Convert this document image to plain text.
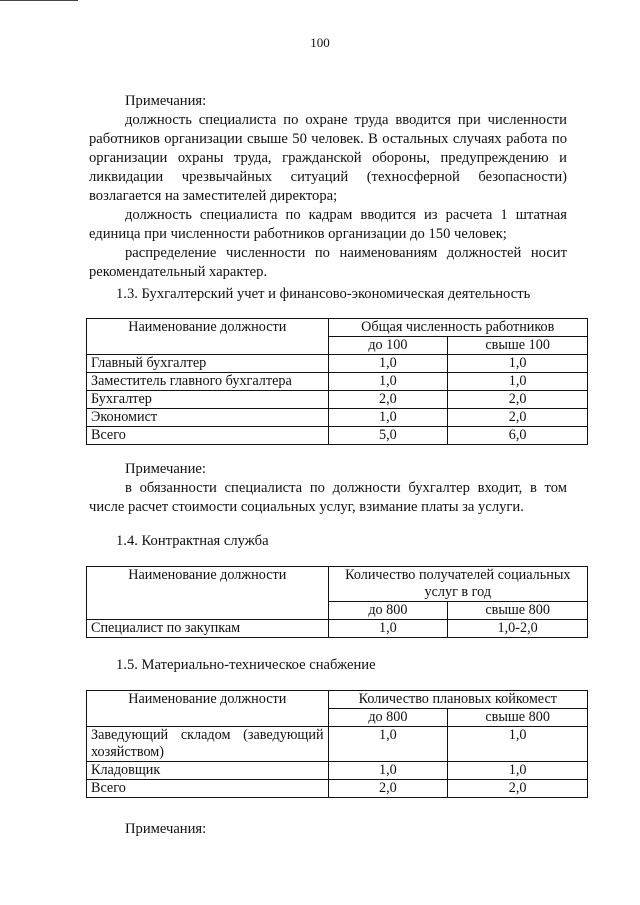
100
Примечания:
должность специалиста по охране труда вводится при численности
работников организации свыше 50 человек. В остальных случаях работа по
организации охраны труда, гражданской обороны, предупреждению и
ликвидации чрезвычайных ситуаций (техносферной безопасности)
возлагается на заместителей директора;
должность специалиста по кадрам вводится из расчета 1 штатная
единица при численности работников организации до 150 человек;
распределение численности по наименованиям должностей носит
рекомендательный характер.
1.3. Бухгалтерский учет и финансово-экономическая деятельность
Наименование должности	Общая численность работников	
	до 100	свыше 100
Главный бухгалтер	1,0	1,0
Заместитель главного бухгалтера	1,0	1,0
Бухгалтер	2,0	2,0
Экономист	1,0	2,0
Всего	5,0	6,0
Примечание:
в обязанности специалиста по должности бухгалтер входит, в том
числе расчет стоимости социальных услуг, взимание платы за услуги.
1.4. Контрактная служба
Наименование должности	Количество получателей социальных
услуг в год	

	до 800	свыше 800
Специалист по закупкам	1,0	1,0-2,0
1.5. Материально-техническое снабжение
Наименование должности	Количество плановых койкомест	
	до 800	свыше 800

Заведующий складом (заведующий
хозяйством)	1,0	1,0
Кладовщик	1,0	1,0
Всего	2,0	2,0
Примечания:
